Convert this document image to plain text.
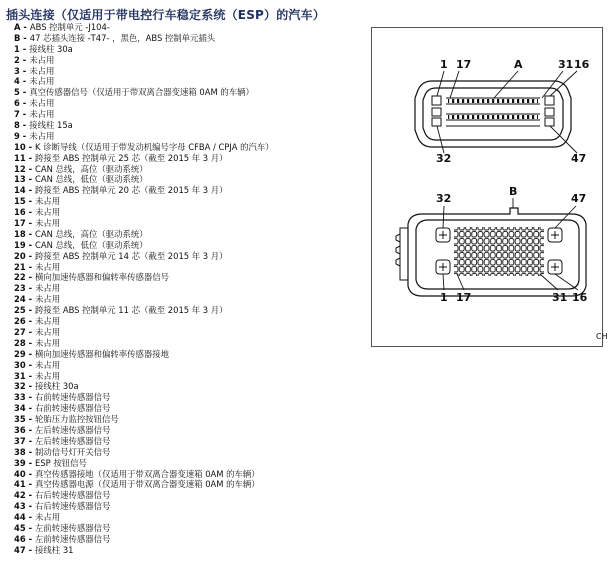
插头连接（仅适用于带电控行车稳定系统（ESP）的汽车）
A - ABS 控制单元 -J104-
B - 47 芯插头连接 -T47- ，黑色，ABS 控制单元插头
1 - 接线柱 30a
2 - 未占用
3 - 未占用
4 - 未占用
5 - 真空传感器信号（仅适用于带双离合器变速箱 0AM 的车辆）
6 - 未占用
7 - 未占用
8 - 接线柱 15a
9 - 未占用
10 - K 诊断导线（仅适用于带发动机编号字母 CFBA / CPJA 的汽车）
11 - 跨接至 ABS 控制单元 25 芯（截至 2015 年 3 月）
12 - CAN 总线，高位（驱动系统）
13 - CAN 总线，低位（驱动系统）
14 - 跨接至 ABS 控制单元 20 芯（截至 2015 年 3 月）
15 - 未占用
16 - 未占用
17 - 未占用
18 - CAN 总线，高位（驱动系统）
19 - CAN 总线，低位（驱动系统）
20 - 跨接至 ABS 控制单元 14 芯（截至 2015 年 3 月）
21 - 未占用
22 - 横向加速传感器和偏转率传感器信号
23 - 未占用
24 - 未占用
25 - 跨接至 ABS 控制单元 11 芯（截至 2015 年 3 月）
26 - 未占用
27 - 未占用
28 - 未占用
29 - 横向加速传感器和偏转率传感器接地
30 - 未占用
31 - 未占用
32 - 接线柱 30a
33 - 右前转速传感器信号
34 - 右前转速传感器信号
35 - 轮胎压力监控按钮信号
36 - 左后转速传感器信号
37 - 左后转速传感器信号
38 - 制动信号灯开关信号
39 - ESP 按钮信号
40 - 真空传感器接地（仅适用于带双离合器变速箱 0AM 的车辆）
41 - 真空传感器电源（仅适用于带双离合器变速箱 0AM 的车辆）
42 - 右后转速传感器信号
43 - 右后转速传感器信号
44 - 未占用
45 - 左前转速传感器信号
46 - 左前转速传感器信号
47 - 接线柱 31
1 17	A	31 16
32	47
32
B
47
1 17	31 16
CH
